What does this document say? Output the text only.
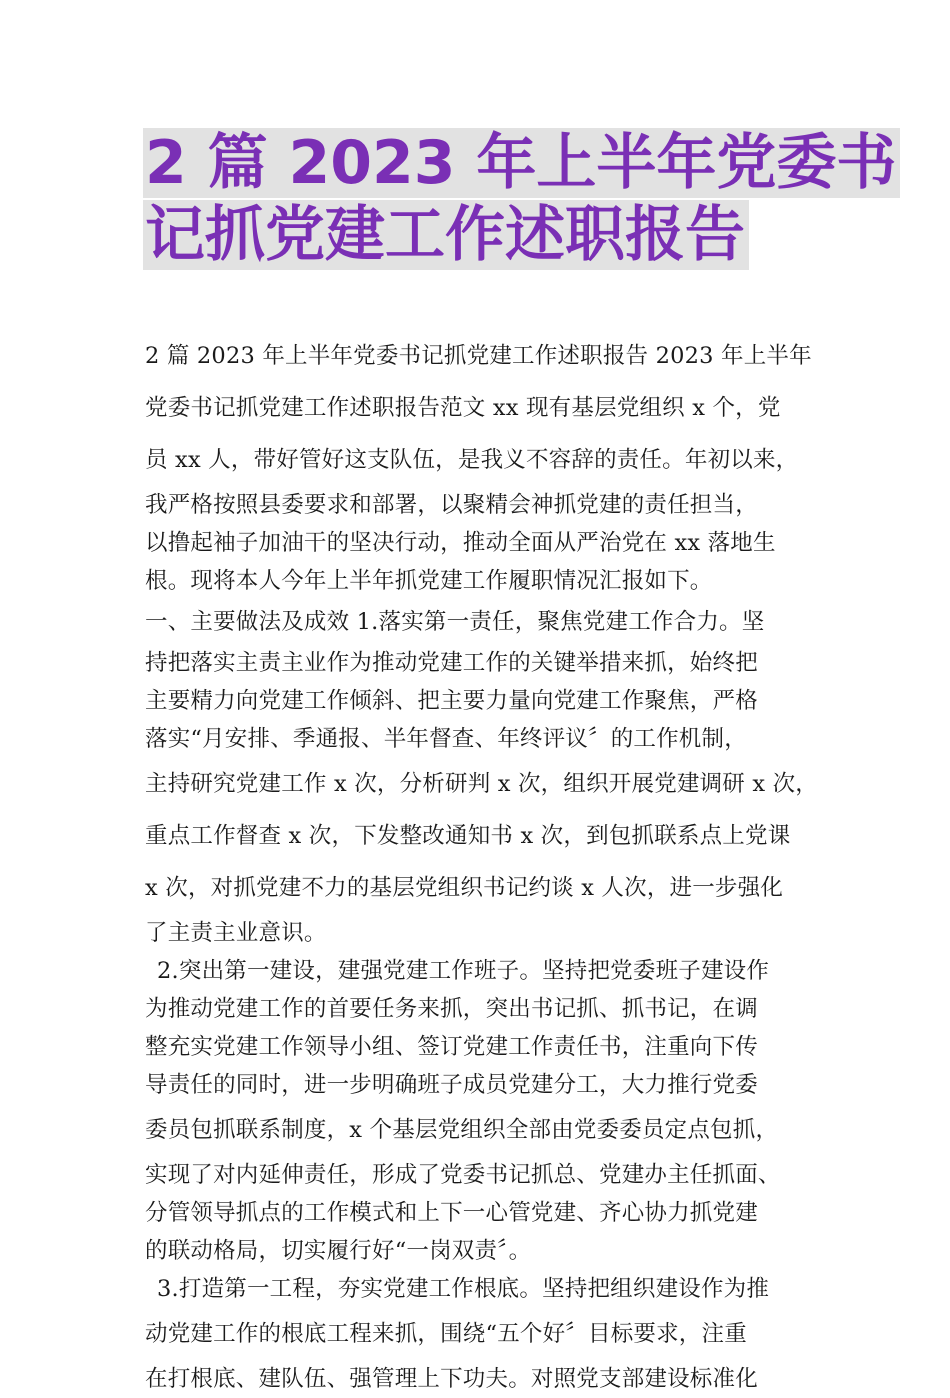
2 篇 2023 年上半年党委书
记抓党建工作述职报告
2 篇 2023 年上半年党委书记抓党建工作述职报告 2023 年上半年
党委书记抓党建工作述职报告范文 xx 现有基层党组织 x 个，党
员 xx 人，带好管好这支队伍，是我义不容辞的责任。年初以来，
我严格按照县委要求和部署，以聚精会神抓党建的责任担当，
以撸起袖子加油干的坚决行动，推动全面从严治党在 xx 落地生
根。现将本人今年上半年抓党建工作履职情况汇报如下。
一、主要做法及成效 1.落实第一责任，聚焦党建工作合力。坚
持把落实主责主业作为推动党建工作的关键举措来抓，始终把
主要精力向党建工作倾斜、把主要力量向党建工作聚焦，严格
落实“月安排、季通报、半年督查、年终评议〞的工作机制，
主持研究党建工作 x 次，分析研判 x 次，组织开展党建调研 x 次，
重点工作督查 x 次，下发整改通知书 x 次，到包抓联系点上党课
x 次，对抓党建不力的基层党组织书记约谈 x 人次，进一步强化
了主责主业意识。
2.突出第一建设，建强党建工作班子。坚持把党委班子建设作
为推动党建工作的首要任务来抓，突出书记抓、抓书记，在调
整充实党建工作领导小组、签订党建工作责任书，注重向下传
导责任的同时，进一步明确班子成员党建分工，大力推行党委
委员包抓联系制度，x 个基层党组织全部由党委委员定点包抓，
实现了对内延伸责任，形成了党委书记抓总、党建办主任抓面、
分管领导抓点的工作模式和上下一心管党建、齐心协力抓党建
的联动格局，切实履行好“一岗双责〞。
3.打造第一工程，夯实党建工作根底。坚持把组织建设作为推
动党建工作的根底工程来抓，围绕“五个好〞目标要求，注重
在打根底、建队伍、强管理上下功夫。对照党支部建设标准化
